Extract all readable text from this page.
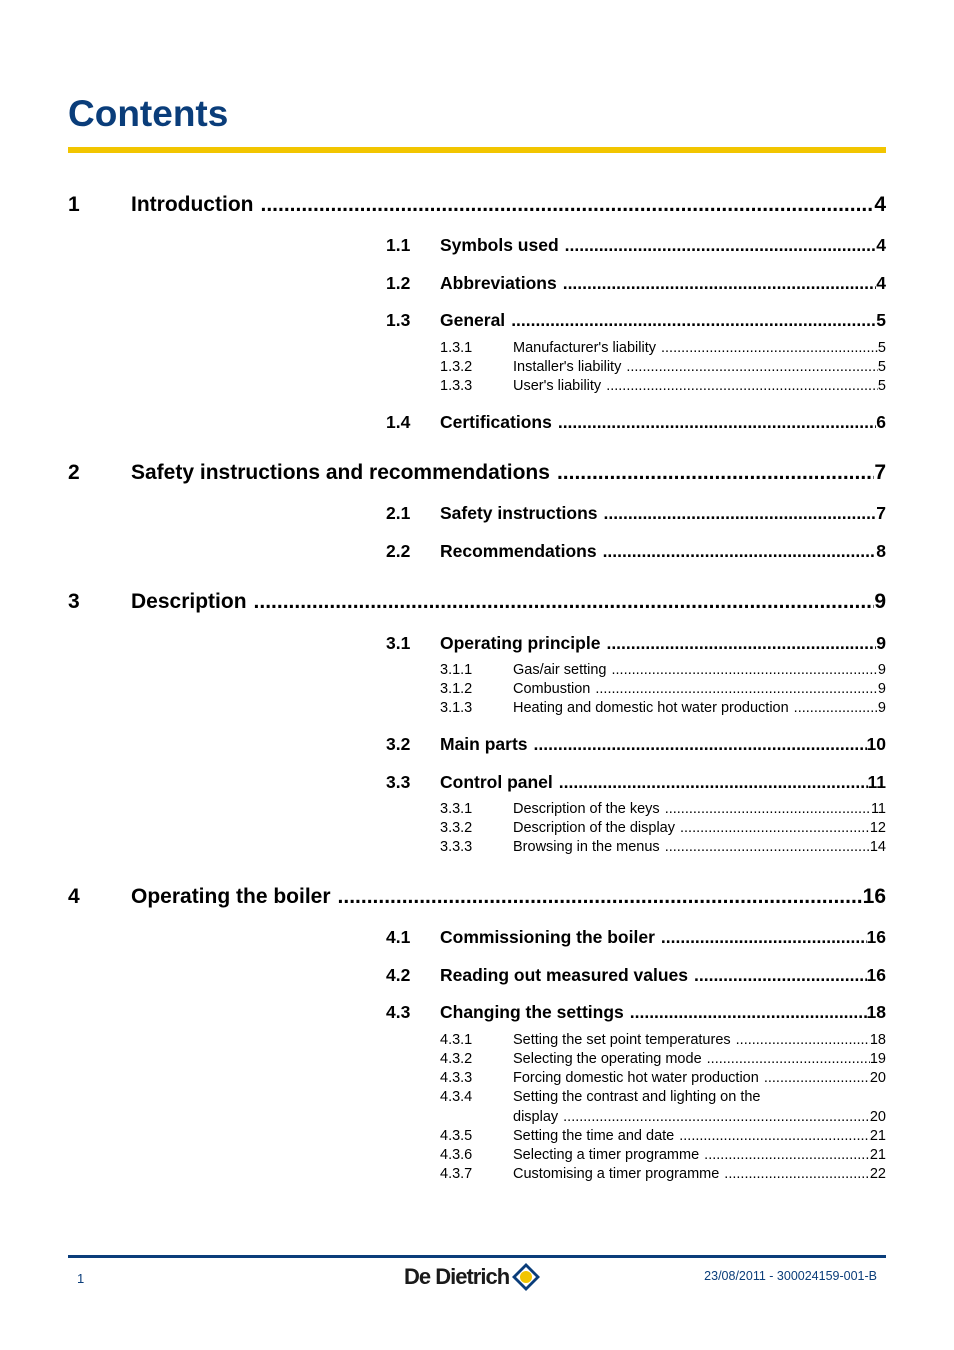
Contents
1	Introduction .....	4
1.1	Symbols used .....	4
1.2	Abbreviations .....	4
1.3	General .....	5
1.3.1	Manufacturer's liability .....	5
1.3.2	Installer's liability .....	5
1.3.3	User's liability .....	5
1.4	Certifications .....	6
2	Safety instructions and recommendations .....	7
2.1	Safety instructions .....	7
2.2	Recommendations .....	8
3	Description .....	9
3.1	Operating principle .....	9
3.1.1	Gas/air setting .....	9
3.1.2	Combustion .....	9
3.1.3	Heating and domestic hot water production .....	9
3.2	Main parts .....	10
3.3	Control panel .....	11
3.3.1	Description of the keys .....	11
3.3.2	Description of the display .....	12
3.3.3	Browsing in the menus .....	14
4	Operating the boiler .....	16
4.1	Commissioning the boiler .....	16
4.2	Reading out measured values .....	16
4.3	Changing the settings .....	18
4.3.1	Setting the set point temperatures .....	18
4.3.2	Selecting the operating mode .....	19
4.3.3	Forcing domestic hot water production .....	20
4.3.4	Setting the contrast and lighting on the
display .....	20
4.3.5	Setting the time and date .....	21
4.3.6	Selecting a timer programme .....	21
4.3.7	Customising a timer programme .....	22
1	De Dietrich	23/08/2011 - 300024159-001-B
